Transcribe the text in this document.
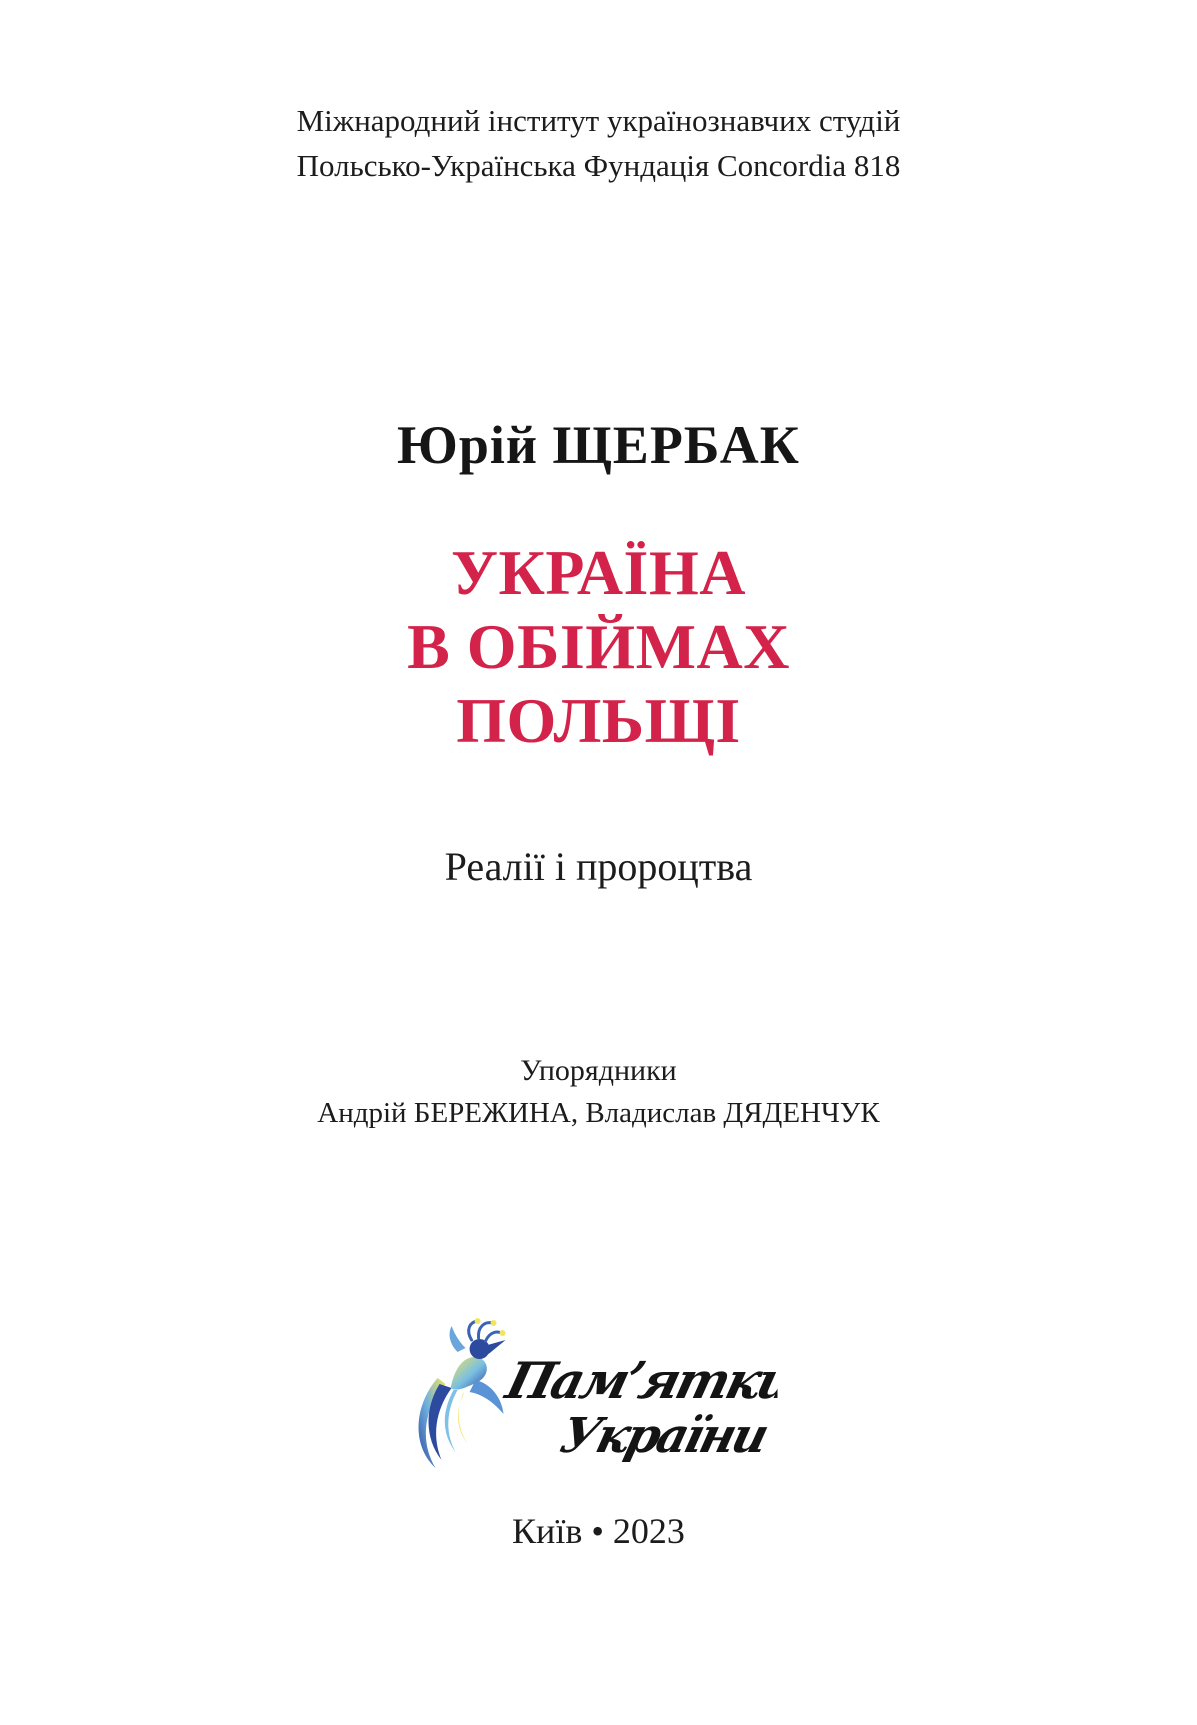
Міжнародний інститут українознавчих студій
Польсько-Українська Фундація Concordia 818
Юрій ЩЕРБАК
УКРАЇНА
В ОБІЙМАХ
ПОЛЬЩІ
Реалії і пророцтва
Упорядники
Андрій БЕРЕЖИНА, Владислав ДЯДЕНЧУК
Памʼятки
України
Київ • 2023
